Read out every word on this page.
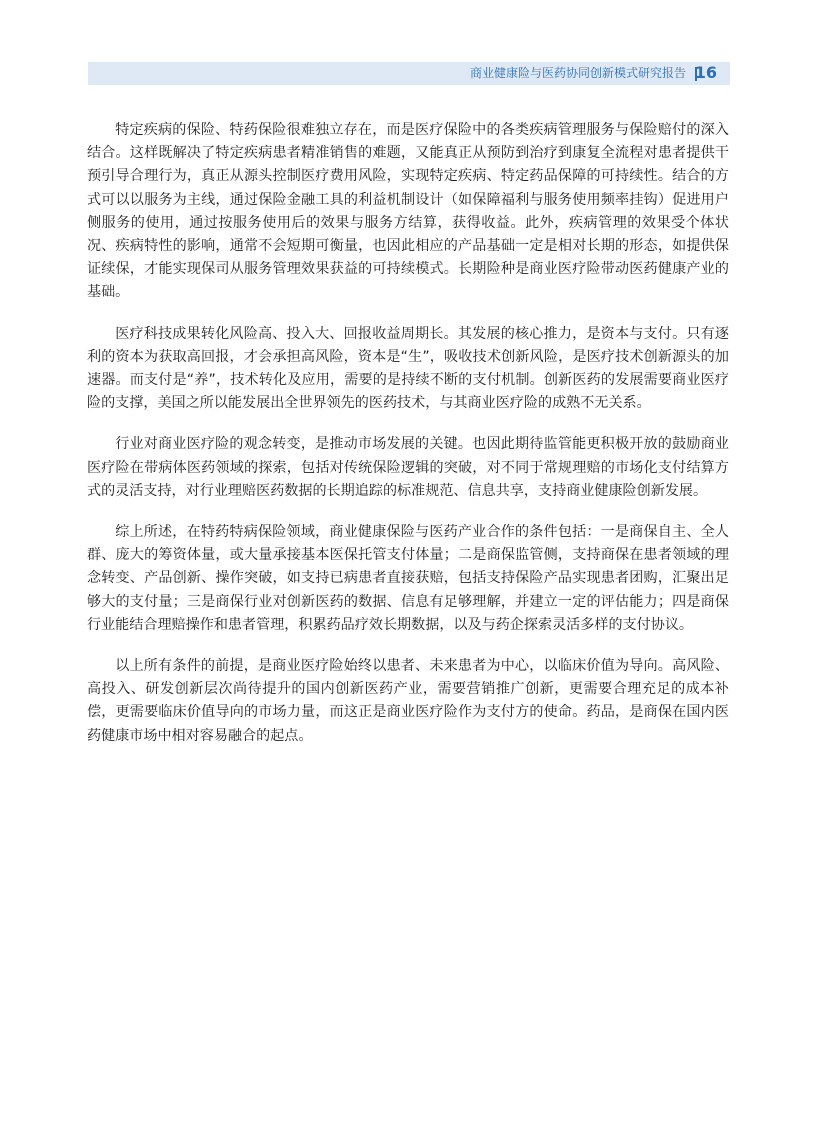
商业健康险与医药协同创新模式研究报告 16

特定疾病的保险、特药保险很难独立存在，而是医疗保险中的各类疾病管理服务与保险赔付的深入结合。这样既解决了特定疾病患者精准销售的难题，又能真正从预防到治疗到康复全流程对患者提供干预引导合理行为，真正从源头控制医疗费用风险，实现特定疾病、特定药品保障的可持续性。结合的方式可以以服务为主线，通过保险金融工具的利益机制设计（如保障福利与服务使用频率挂钩）促进用户侧服务的使用，通过按服务使用后的效果与服务方结算，获得收益。此外，疾病管理的效果受个体状况、疾病特性的影响，通常不会短期可衡量，也因此相应的产品基础一定是相对长期的形态，如提供保证续保，才能实现保司从服务管理效果获益的可持续模式。长期险种是商业医疗险带动医药健康产业的基础。

医疗科技成果转化风险高、投入大、回报收益周期长。其发展的核心推力，是资本与支付。只有逐利的资本为获取高回报，才会承担高风险，资本是“生”，吸收技术创新风险，是医疗技术创新源头的加速器。而支付是“养”，技术转化及应用，需要的是持续不断的支付机制。创新医药的发展需要商业医疗险的支撑，美国之所以能发展出全世界领先的医药技术，与其商业医疗险的成熟不无关系。

行业对商业医疗险的观念转变，是推动市场发展的关键。也因此期待监管能更积极开放的鼓励商业医疗险在带病体医药领域的探索，包括对传统保险逻辑的突破，对不同于常规理赔的市场化支付结算方式的灵活支持，对行业理赔医药数据的长期追踪的标准规范、信息共享，支持商业健康险创新发展。

综上所述，在特药特病保险领域，商业健康保险与医药产业合作的条件包括：一是商保自主、全人群、庞大的筹资体量，或大量承接基本医保托管支付体量；二是商保监管侧，支持商保在患者领域的理念转变、产品创新、操作突破，如支持已病患者直接获赔，包括支持保险产品实现患者团购，汇聚出足够大的支付量；三是商保行业对创新医药的数据、信息有足够理解，并建立一定的评估能力；四是商保行业能结合理赔操作和患者管理，积累药品疗效长期数据，以及与药企探索灵活多样的支付协议。

以上所有条件的前提，是商业医疗险始终以患者、未来患者为中心，以临床价值为导向。高风险、高投入、研发创新层次尚待提升的国内创新医药产业，需要营销推广创新，更需要合理充足的成本补偿，更需要临床价值导向的市场力量，而这正是商业医疗险作为支付方的使命。药品，是商保在国内医药健康市场中相对容易融合的起点。
